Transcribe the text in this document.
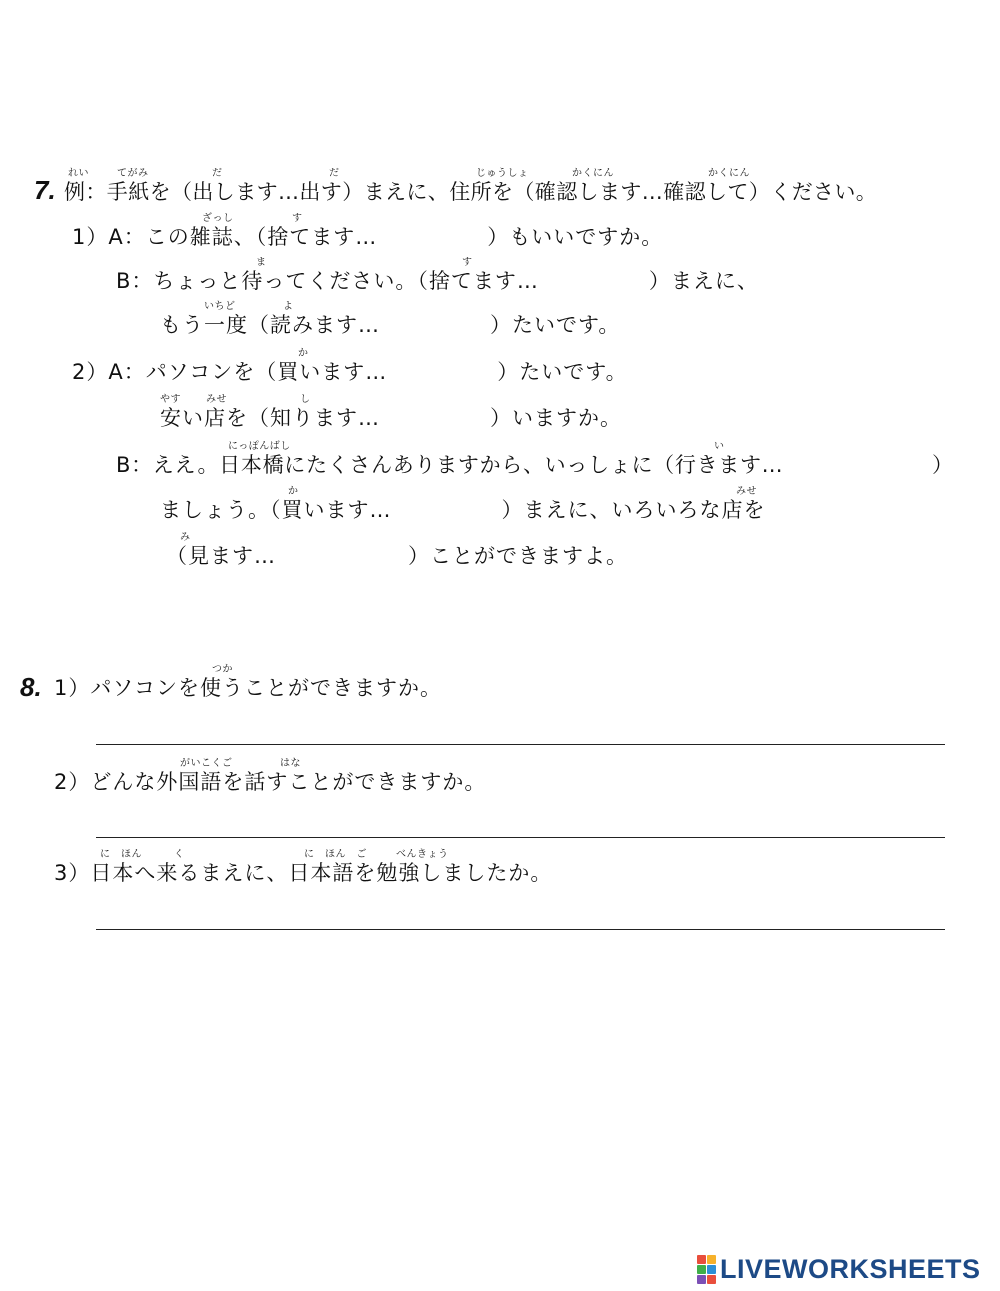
7.
れい	てがみ	だ	だ	じゅうしょ	かくにん	かくにん
例：手紙を（出します…出す）まえに、住所を（確認します…確認して）ください。
ざっし	す
1）A：この雑誌、（捨てます…　　　　　）もいいですか。
ま	す
B：ちょっと待ってください。（捨てます…　　　　　）まえに、
いちど	よ
もう一度（読みます…　　　　　）たいです。
か
2）A：パソコンを（買います…　　　　　）たいです。
やす	みせ	し
安い店を（知ります…　　　　　）いますか。
にっぽんばし	い
B：ええ。日本橋にたくさんありますから、いっしょに（行きます…	）
か	みせ
ましょう。（買います…　　　　　）まえに、いろいろな店を
み
（見ます…　　　　　　）ことができますよ。
8.
つか
1）パソコンを使うことができますか。
がいこくご	はな
2）どんな外国語を話すことができますか。
に　ほん	く	に　ほん　ご	べんきょう
3）日本へ来るまえに、日本語を勉強しましたか。
LIVEWORKSHEETS
